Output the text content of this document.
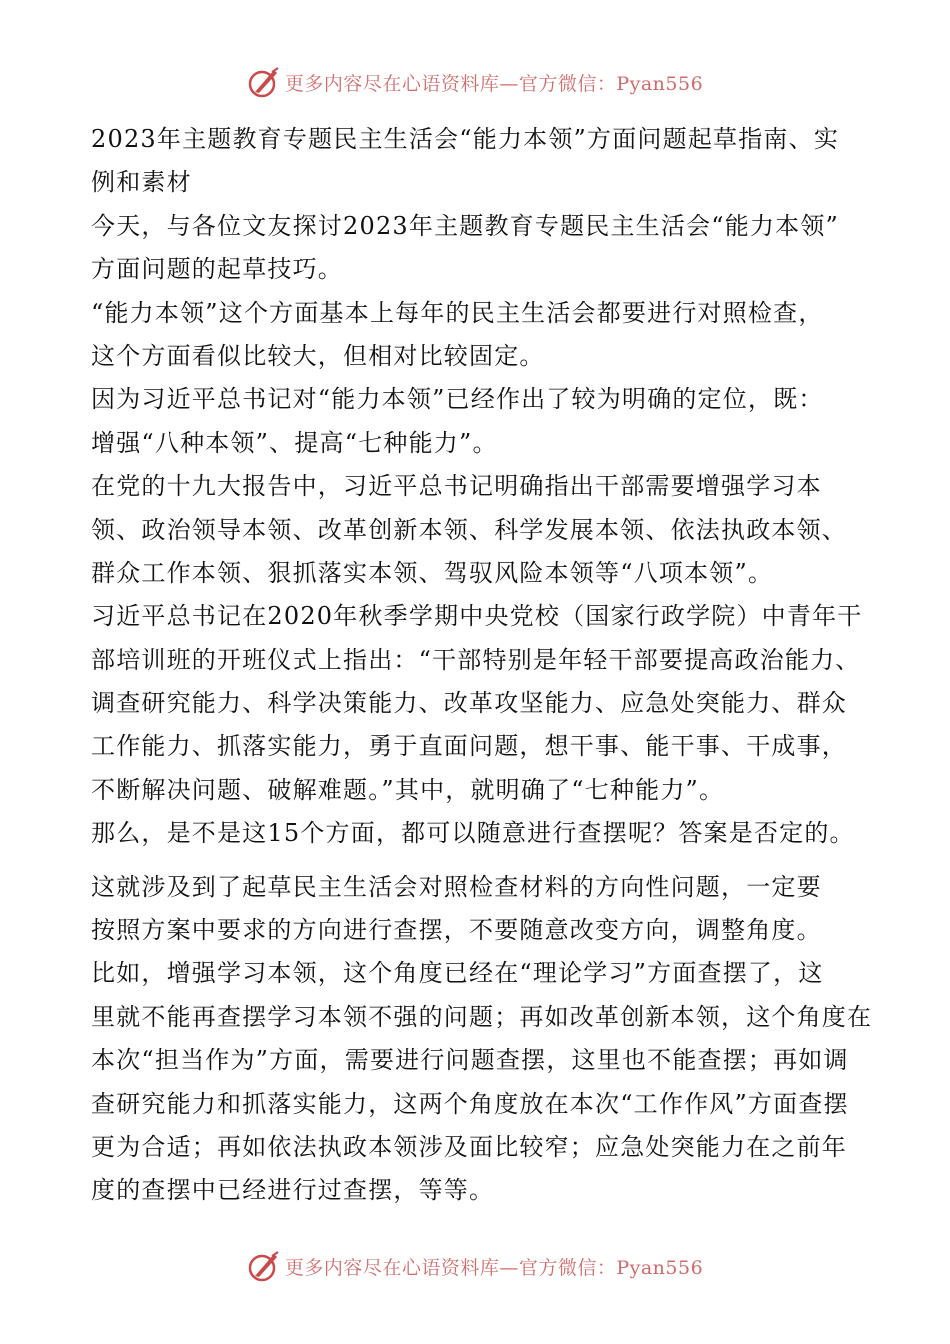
更多内容尽在心语资料库—官方微信：Pyan556
2023年主题教育专题民主生活会“能力本领”方面问题起草指南、实
例和素材
今天，与各位文友探讨2023年主题教育专题民主生活会“能力本领”
方面问题的起草技巧。
“能力本领”这个方面基本上每年的民主生活会都要进行对照检查，
这个方面看似比较大，但相对比较固定。
因为习近平总书记对“能力本领”已经作出了较为明确的定位，既：
增强“八种本领”、提高“七种能力”。
在党的十九大报告中，习近平总书记明确指出干部需要增强学习本
领、政治领导本领、改革创新本领、科学发展本领、依法执政本领、
群众工作本领、狠抓落实本领、驾驭风险本领等“八项本领”。
习近平总书记在2020年秋季学期中央党校（国家行政学院）中青年干
部培训班的开班仪式上指出：“干部特别是年轻干部要提高政治能力、
调查研究能力、科学决策能力、改革攻坚能力、应急处突能力、群众
工作能力、抓落实能力，勇于直面问题，想干事、能干事、干成事，
不断解决问题、破解难题。”其中，就明确了“七种能力”。
那么，是不是这15个方面，都可以随意进行查摆呢？答案是否定的。
这就涉及到了起草民主生活会对照检查材料的方向性问题，一定要
按照方案中要求的方向进行查摆，不要随意改变方向，调整角度。
比如，增强学习本领，这个角度已经在“理论学习”方面查摆了，这
里就不能再查摆学习本领不强的问题；再如改革创新本领，这个角度在
本次“担当作为”方面，需要进行问题查摆，这里也不能查摆；再如调
查研究能力和抓落实能力，这两个角度放在本次“工作作风”方面查摆
更为合适；再如依法执政本领涉及面比较窄；应急处突能力在之前年
度的查摆中已经进行过查摆，等等。
更多内容尽在心语资料库—官方微信：Pyan556
